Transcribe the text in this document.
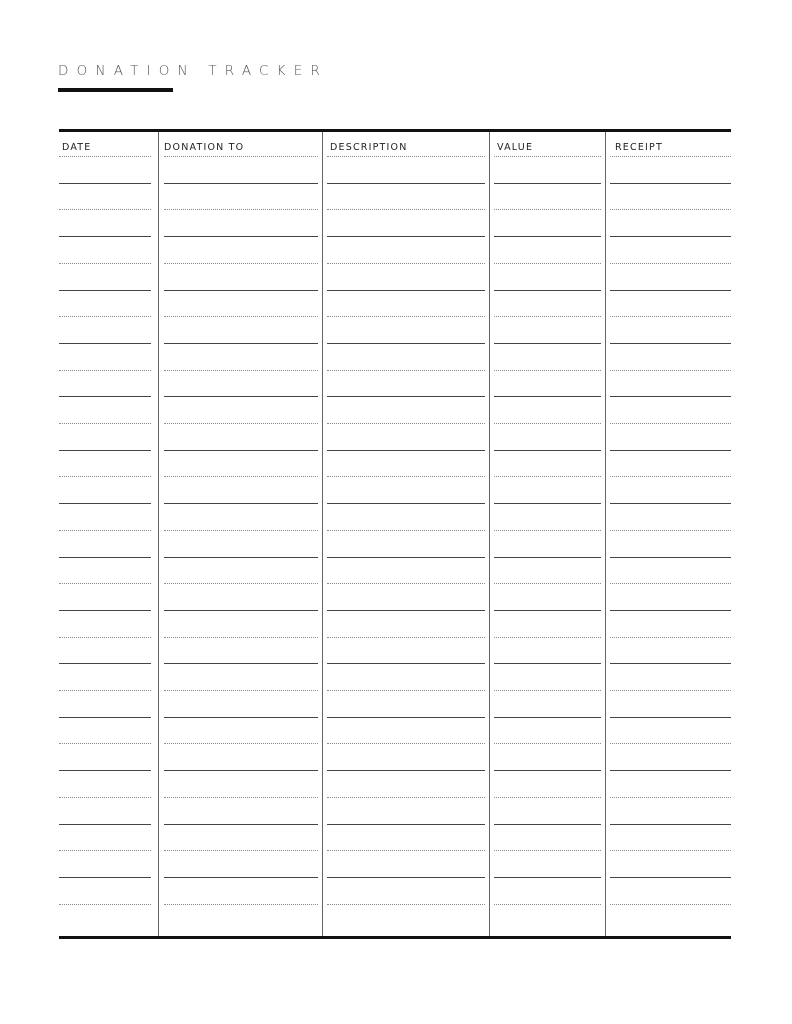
DONATION TRACKER
DATE	DONATION TO	DESCRIPTION	VALUE	RECEIPT
